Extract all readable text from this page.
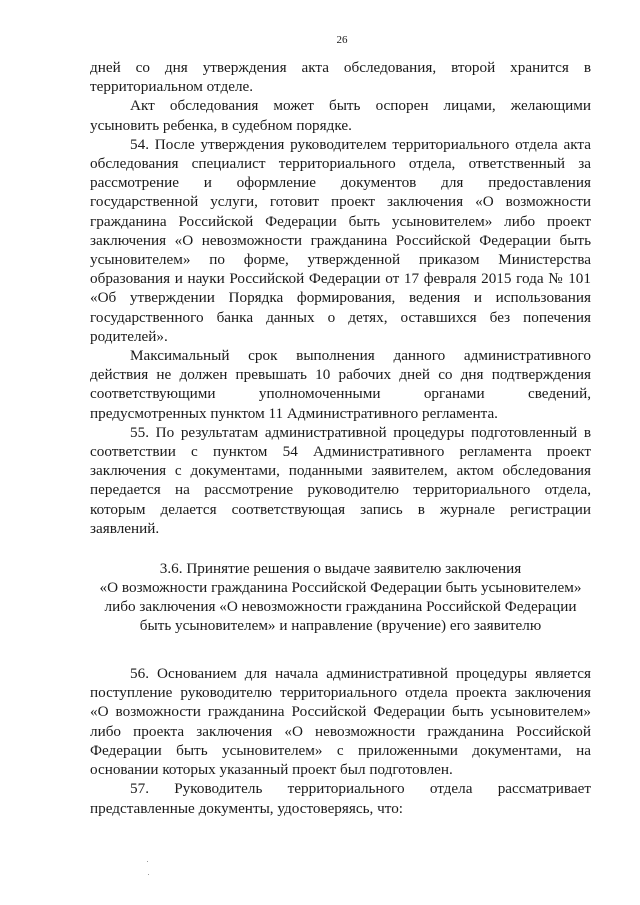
26

дней со дня утверждения акта обследования, второй хранится в территориальном отделе.

Акт обследования может быть оспорен лицами, желающими усыновить ребенка, в судебном порядке.

54. После утверждения руководителем территориального отдела акта обследования специалист территориального отдела, ответственный за рассмотрение и оформление документов для предоставления государственной услуги, готовит проект заключения «О возможности гражданина Российской Федерации быть усыновителем» либо проект заключения «О невозможности гражданина Российской Федерации быть усыновителем» по форме, утвержденной приказом Министерства образования и науки Российской Федерации от 17 февраля 2015 года № 101 «Об утверждении Порядка формирования, ведения и использования государственного банка данных о детях, оставшихся без попечения родителей».

Максимальный срок выполнения данного административного действия не должен превышать 10 рабочих дней со дня подтверждения соответствующими уполномоченными органами сведений, предусмотренных пунктом 11 Административного регламента.

55. По результатам административной процедуры подготовленный в соответствии с пунктом 54 Административного регламента проект заключения с документами, поданными заявителем, актом обследования передается на рассмотрение руководителю территориального отдела, которым делается соответствующая запись в журнале регистрации заявлений.

3.6. Принятие решения о выдаче заявителю заключения
«О возможности гражданина Российской Федерации быть усыновителем»
либо заключения «О невозможности гражданина Российской Федерации
быть усыновителем» и направление (вручение) его заявителю

56. Основанием для начала административной процедуры является поступление руководителю территориального отдела проекта заключения «О возможности гражданина Российской Федерации быть усыновителем» либо проекта заключения «О невозможности гражданина Российской Федерации быть усыновителем» с приложенными документами, на основании которых указанный проект был подготовлен.

57. Руководитель территориального отдела рассматривает

представленные документы, удостоверяясь, что:
